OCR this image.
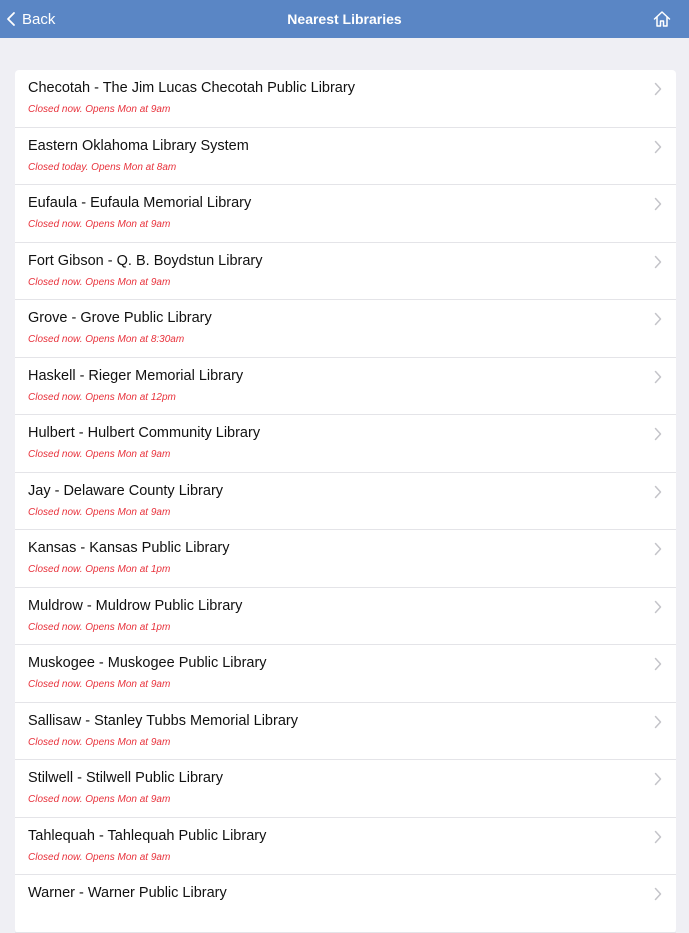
Back	Nearest Libraries
Checotah - The Jim Lucas Checotah Public Library
Closed now. Opens Mon at 9am
Eastern Oklahoma Library System
Closed today. Opens Mon at 8am
Eufaula - Eufaula Memorial Library
Closed now. Opens Mon at 9am
Fort Gibson - Q. B. Boydstun Library
Closed now. Opens Mon at 9am
Grove - Grove Public Library
Closed now. Opens Mon at 8:30am
Haskell - Rieger Memorial Library
Closed now. Opens Mon at 12pm
Hulbert - Hulbert Community Library
Closed now. Opens Mon at 9am
Jay - Delaware County Library
Closed now. Opens Mon at 9am
Kansas - Kansas Public Library
Closed now. Opens Mon at 1pm
Muldrow - Muldrow Public Library
Closed now. Opens Mon at 1pm
Muskogee - Muskogee Public Library
Closed now. Opens Mon at 9am
Sallisaw - Stanley Tubbs Memorial Library
Closed now. Opens Mon at 9am
Stilwell - Stilwell Public Library
Closed now. Opens Mon at 9am
Tahlequah - Tahlequah Public Library
Closed now. Opens Mon at 9am
Warner - Warner Public Library
